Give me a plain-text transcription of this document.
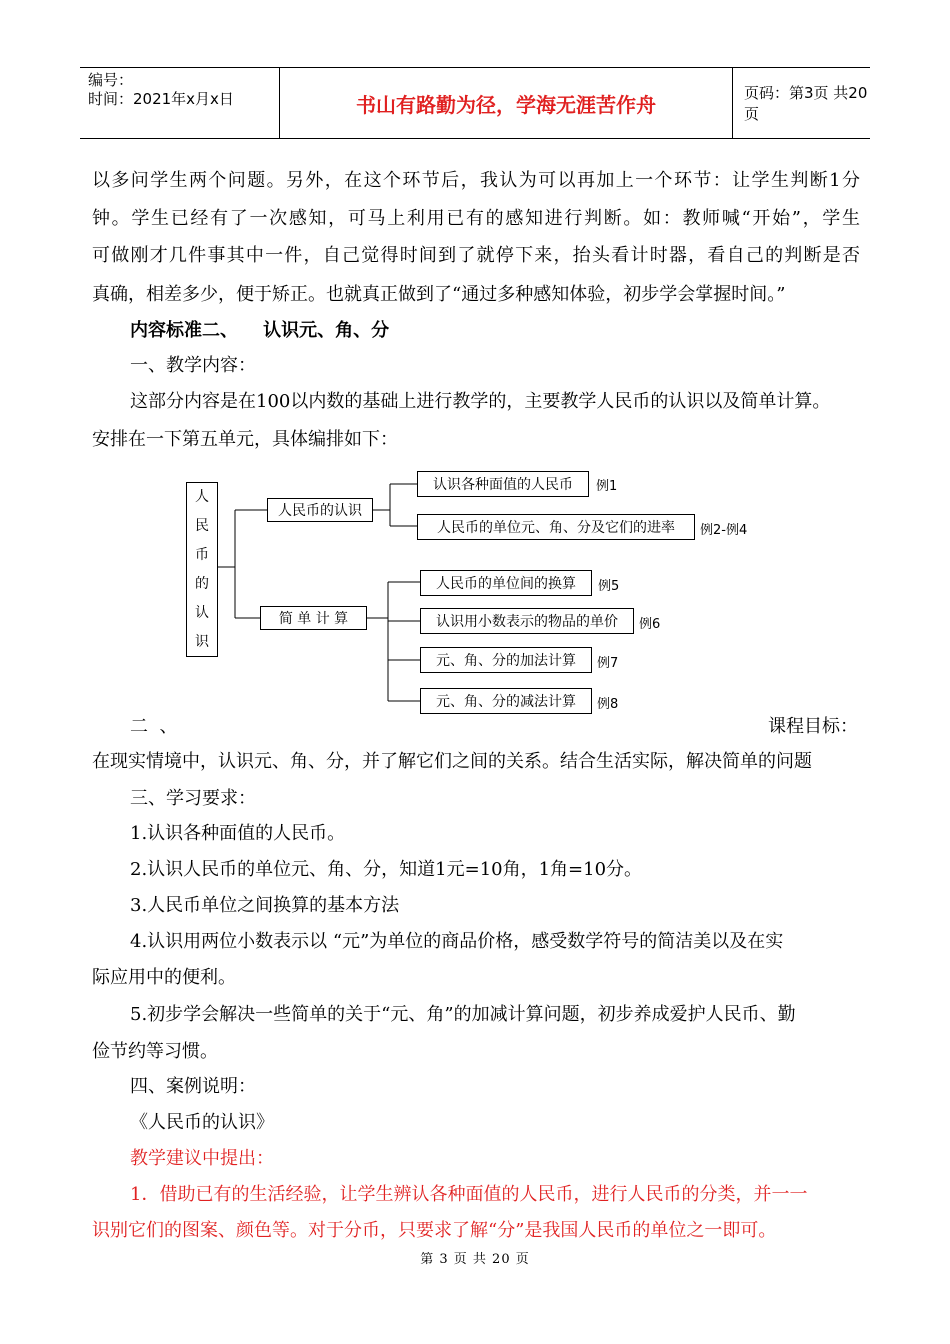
编号：
时间：2021年x月x日	书山有路勤为径，学海无涯苦作舟	页码：第3页 共20页
以多问学生两个问题。另外，在这个环节后，我认为可以再加上一个环节：让学生判断1分
钟。学生已经有了一次感知，可马上利用已有的感知进行判断。如：教师喊“开始”，学生
可做刚才几件事其中一件，自己觉得时间到了就停下来，抬头看计时器，看自己的判断是否
真确，相差多少，便于矫正。也就真正做到了“通过多种感知体验，初步学会掌握时间。”
内容标准二、    认识元、角、分
一、教学内容：
这部分内容是在100以内数的基础上进行教学的，主要教学人民币的认识以及简单计算。
安排在一下第五单元，具体编排如下：
人
民
币
的
认
识
人民币的认识
简 单 计 算
认识各种面值的人民币	例1
人民币的单位元、角、分及它们的进率	例2-例4
人民币的单位间的换算	例5
认识用小数表示的物品的单价	例6
元、角、分的加法计算	例7
元、角、分的减法计算	例8
二  、	课程目标：
在现实情境中，认识元、角、分，并了解它们之间的关系。结合生活实际，解决简单的问题
三、学习要求：
1.认识各种面值的人民币。
2.认识人民币的单位元、角、分，知道1元=10角，1角=10分。
3.人民币单位之间换算的基本方法
4.认识用两位小数表示以 “元”为单位的商品价格，感受数学符号的简洁美以及在实
际应用中的便利。
5.初步学会解决一些简单的关于“元、角”的加减计算问题，初步养成爱护人民币、勤
俭节约等习惯。
四、案例说明：
《人民币的认识》
教学建议中提出：
1．借助已有的生活经验，让学生辨认各种面值的人民币，进行人民币的分类，并一一
识别它们的图案、颜色等。对于分币，只要求了解“分”是我国人民币的单位之一即可。
第 3 页 共 20 页
